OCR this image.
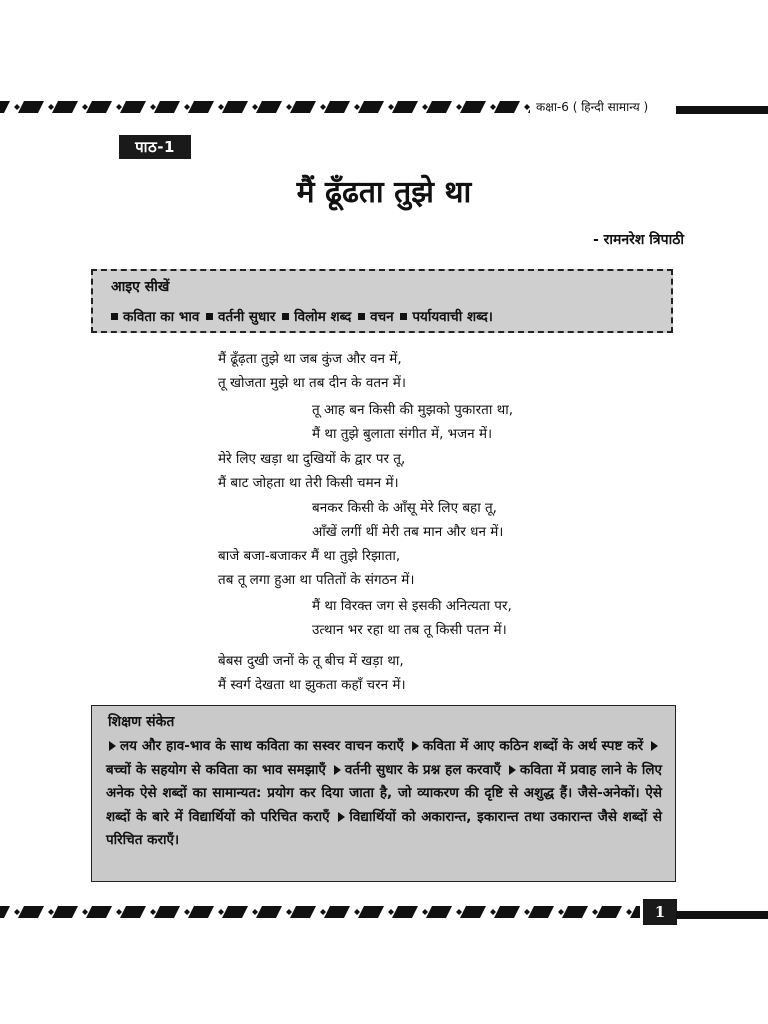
कक्षा-6 ( हिन्दी सामान्य )
पाठ-1
मैं ढूँढता तुझे था
- रामनरेश त्रिपाठी
आइए सीखें
कविता का भाव वर्तनी सुधार विलोम शब्द वचन पर्यायवाची शब्द।
मैं ढूँढ़ता तुझे था जब कुंज और वन में,
तू खोजता मुझे था तब दीन के वतन में।
तू आह बन किसी की मुझको पुकारता था,
मैं था तुझे बुलाता संगीत में, भजन में।
मेरे लिए खड़ा था दुखियों के द्वार पर तू,
मैं बाट जोहता था तेरी किसी चमन में।
बनकर किसी के आँसू मेरे लिए बहा तू,
आँखें लगीं थीं मेरी तब मान और धन में।
बाजे बजा-बजाकर मैं था तुझे रिझाता,
तब तू लगा हुआ था पतितों के संगठन में।
मैं था विरक्त जग से इसकी अनित्यता पर,
उत्थान भर रहा था तब तू किसी पतन में।
बेबस दुखी जनों के तू बीच में खड़ा था,
मैं स्वर्ग देखता था झुकता कहाँ चरन में।
शिक्षण संकेत
लय और हाव-भाव के साथ कविता का सस्वर वाचन कराएँ कविता में आए कठिन शब्दों के अर्थ स्पष्ट करें बच्चों के सहयोग से कविता का भाव समझाएँ वर्तनी सुधार के प्रश्न हल करवाएँ कविता में प्रवाह लाने के लिए अनेक ऐसे शब्दों का सामान्यत: प्रयोग कर दिया जाता है, जो व्याकरण की दृष्टि से अशुद्ध हैं। जैसे-अनेकों। ऐसे शब्दों के बारे में विद्यार्थियों को परिचित कराएँ विद्यार्थियों को अकारान्त, इकारान्त तथा उकारान्त जैसे शब्दों से परिचित कराएँ।
1
